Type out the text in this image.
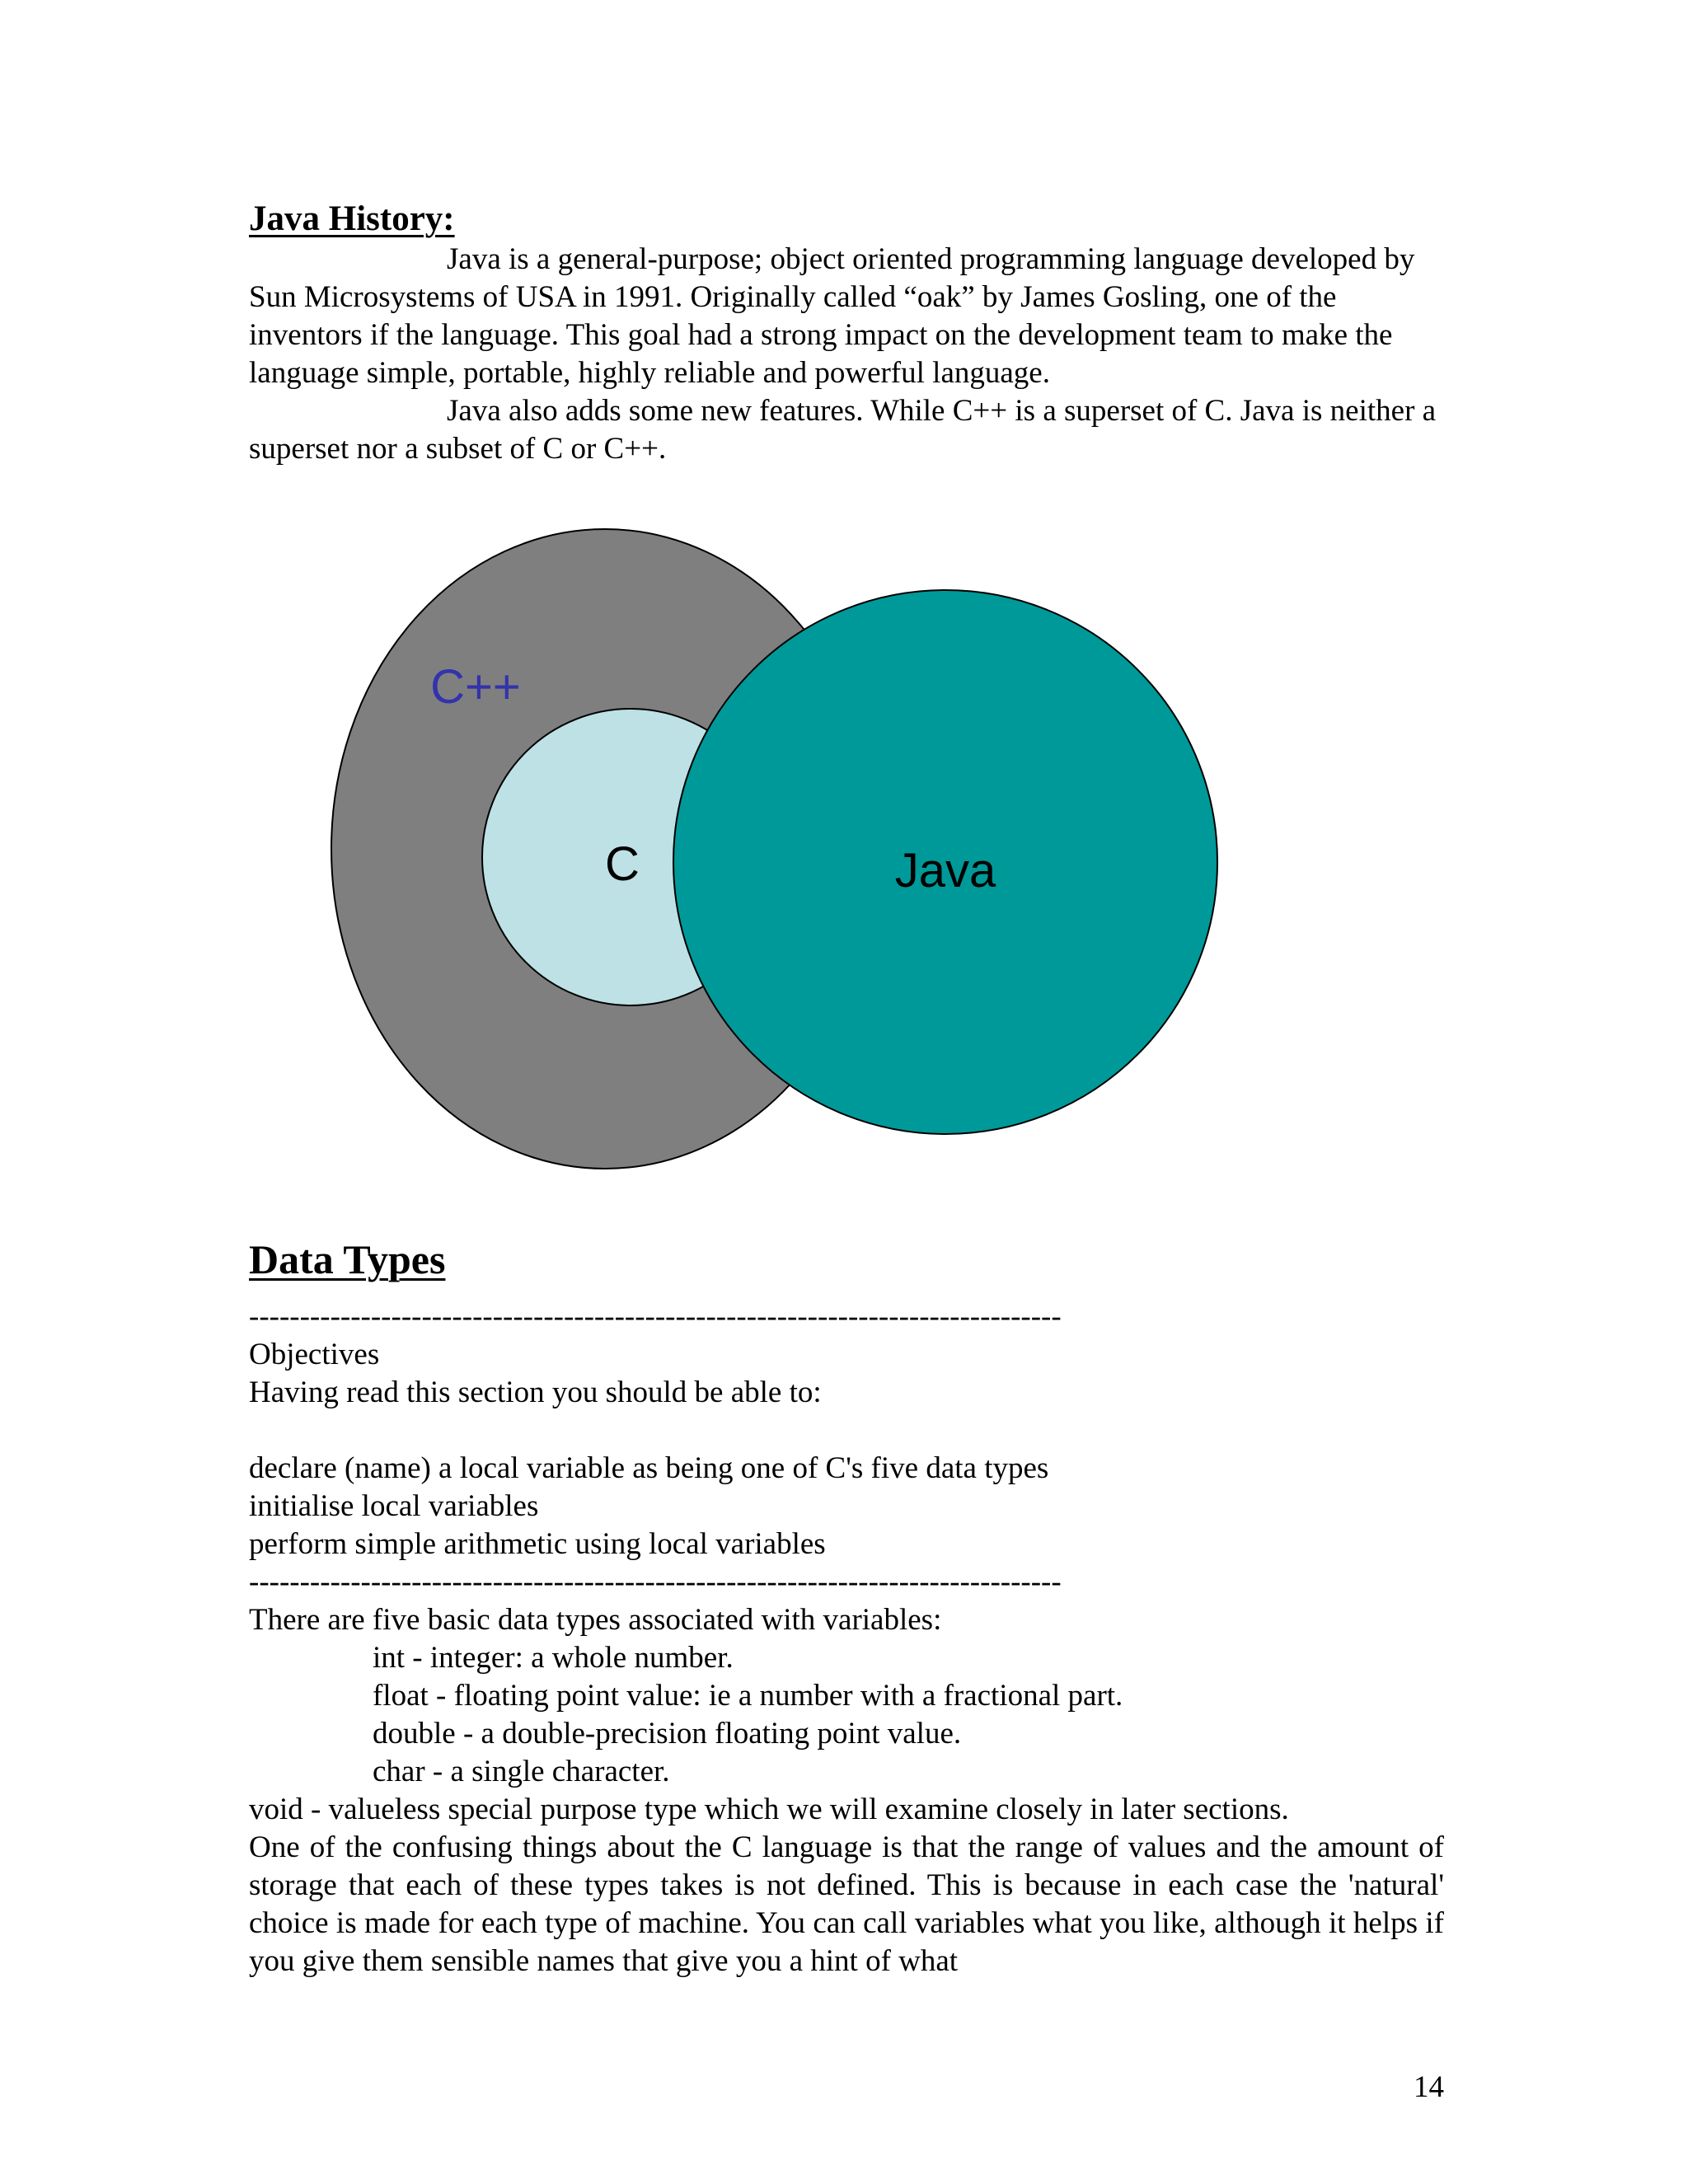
Java History:

Java is a general-purpose; object oriented programming language developed by Sun Microsystems of USA in 1991. Originally called “oak” by James Gosling, one of the inventors if the language. This goal had a strong impact on the development team to make the language simple, portable, highly reliable and powerful language.

Java also adds some new features. While C++ is a superset of C. Java is neither a superset nor a subset of C or C++.

C++
C	Java
Data Types
--------------------------------------------------------------------------------
Objectives
Having read this section you should be able to:
declare (name) a local variable as being one of C's five data types
initialise local variables
perform simple arithmetic using local variables
--------------------------------------------------------------------------------
There are five basic data types associated with variables:
int - integer: a whole number.
float - floating point value: ie a number with a fractional part.
double - a double-precision floating point value.
char - a single character.
void - valueless special purpose type which we will examine closely in later sections.

One of the confusing things about the C language is that the range of values and the amount of storage that each of these types takes is not defined. This is because in each case the 'natural' choice is made for each type of machine. You can call variables what you like, although it helps if you give them sensible names that give you a hint of what

14
